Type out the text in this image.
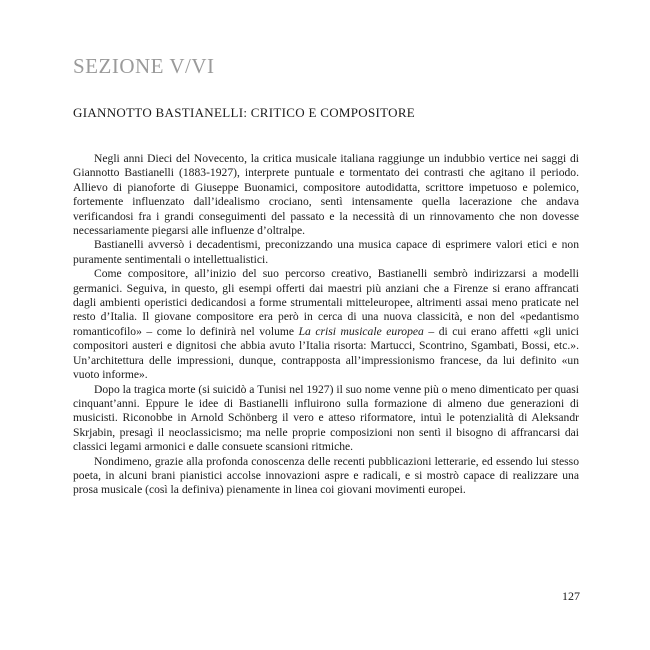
SEZIONE V/VI
GIANNOTTO BASTIANELLI: CRITICO E COMPOSITORE

Negli anni Dieci del Novecento, la critica musicale italiana raggiunge un indubbio vertice nei saggi di Giannotto Bastianelli (1883-1927), interprete puntuale e tormentato dei contrasti che agitano il periodo. Allievo di pianoforte di Giuseppe Buonamici, compositore autodidatta, scrittore impetuoso e polemico, fortemente influenzato dall’idealismo crociano, sentì intensamente quella lacerazione che andava verificandosi fra i grandi conseguimenti del passato e la necessità di un rinnovamento che non dovesse necessariamente piegarsi alle influenze d’oltralpe.

Bastianelli avversò i decadentismi, preconizzando una musica capace di esprimere valori etici e non puramente sentimentali o intellettualistici.

Come compositore, all’inizio del suo percorso creativo, Bastianelli sembrò indirizzarsi a modelli germanici. Seguiva, in questo, gli esempi offerti dai maestri più anziani che a Firenze si erano affrancati dagli ambienti operistici dedicandosi a forme strumentali mitteleuropee, altrimenti assai meno praticate nel resto d’Italia. Il giovane compositore era però in cerca di una nuova classicità, e non del «pedantismo romanticofilo» – come lo definirà nel volume La crisi musicale europea – di cui erano affetti «gli unici compositori austeri e dignitosi che abbia avuto l’Italia risorta: Martucci, Scontrino, Sgambati, Bossi, etc.». Un’architettura delle impressioni, dunque, contrapposta all’impressionismo francese, da lui definito «un vuoto informe».

Dopo la tragica morte (si suicidò a Tunisi nel 1927) il suo nome venne più o meno dimenticato per quasi cinquant’anni. Eppure le idee di Bastianelli influirono sulla formazione di almeno due generazioni di musicisti. Riconobbe in Arnold Schönberg il vero e atteso riformatore, intuì le potenzialità di Aleksandr Skrjabin, presagì il neoclassicismo; ma nelle proprie composizioni non sentì il bisogno di affrancarsi dai classici legami armonici e dalle consuete scansioni ritmiche.

Nondimeno, grazie alla profonda conoscenza delle recenti pubblicazioni letterarie, ed essendo lui stesso poeta, in alcuni brani pianistici accolse innovazioni aspre e radicali, e si mostrò capace di realizzare una prosa musicale (così la definiva) pienamente in linea coi giovani movimenti europei.

127
